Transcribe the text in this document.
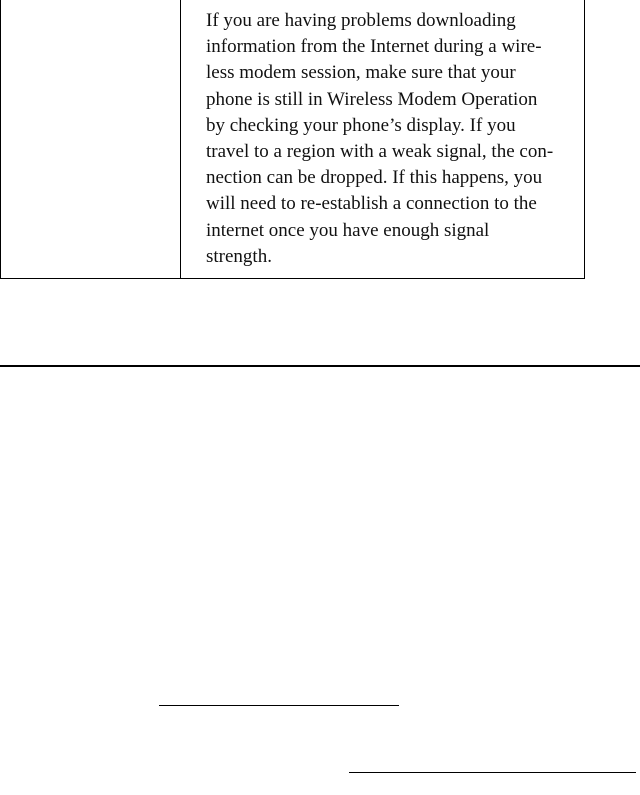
If you are having problems downloading
information from the Internet during a wire-
less modem session, make sure that your
phone is still in Wireless Modem Operation
by checking your phone’s display. If you
travel to a region with a weak signal, the con-
nection can be dropped. If this happens, you
will need to re-establish a connection to the
internet once you have enough signal
strength.
